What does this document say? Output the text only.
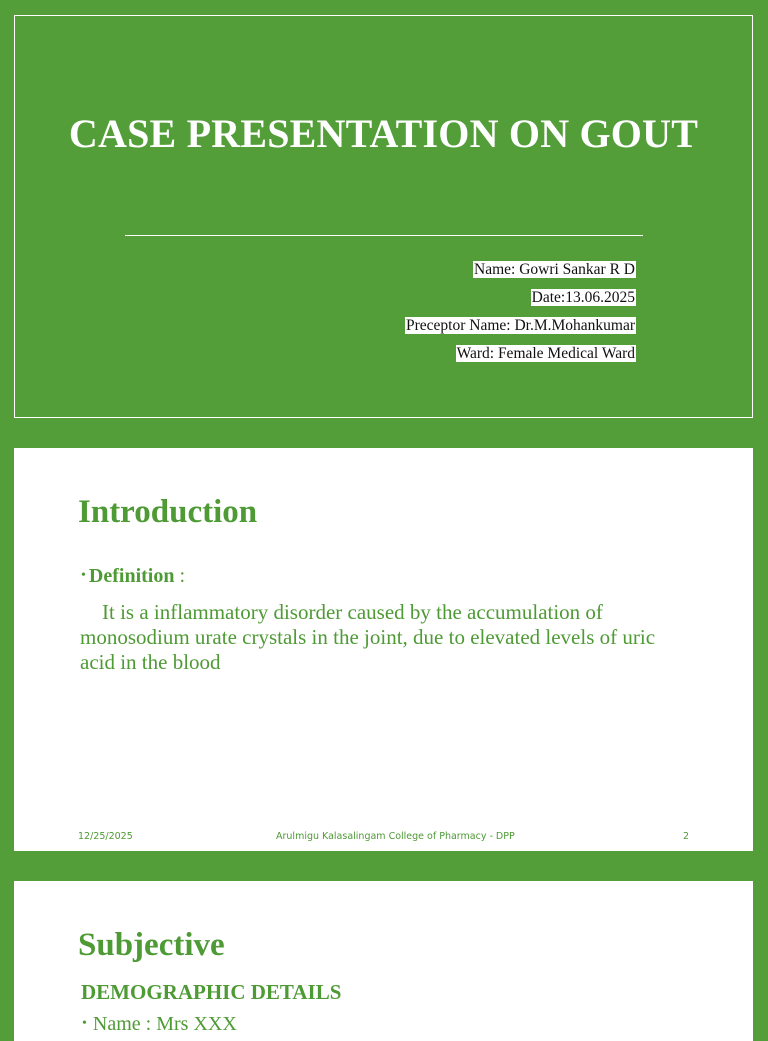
CASE PRESENTATION ON GOUT
Name: Gowri Sankar R D
Date:13.06.2025
Preceptor Name: Dr.M.Mohankumar
Ward: Female Medical Ward
Introduction
• Definition :
It is a inflammatory disorder caused by the accumulation of monosodium urate crystals in the joint, due to elevated levels of uric acid in the blood
12/25/2025	Arulmigu Kalasalingam College of Pharmacy - DPP	2
Subjective
DEMOGRAPHIC DETAILS
• Name : Mrs XXX
